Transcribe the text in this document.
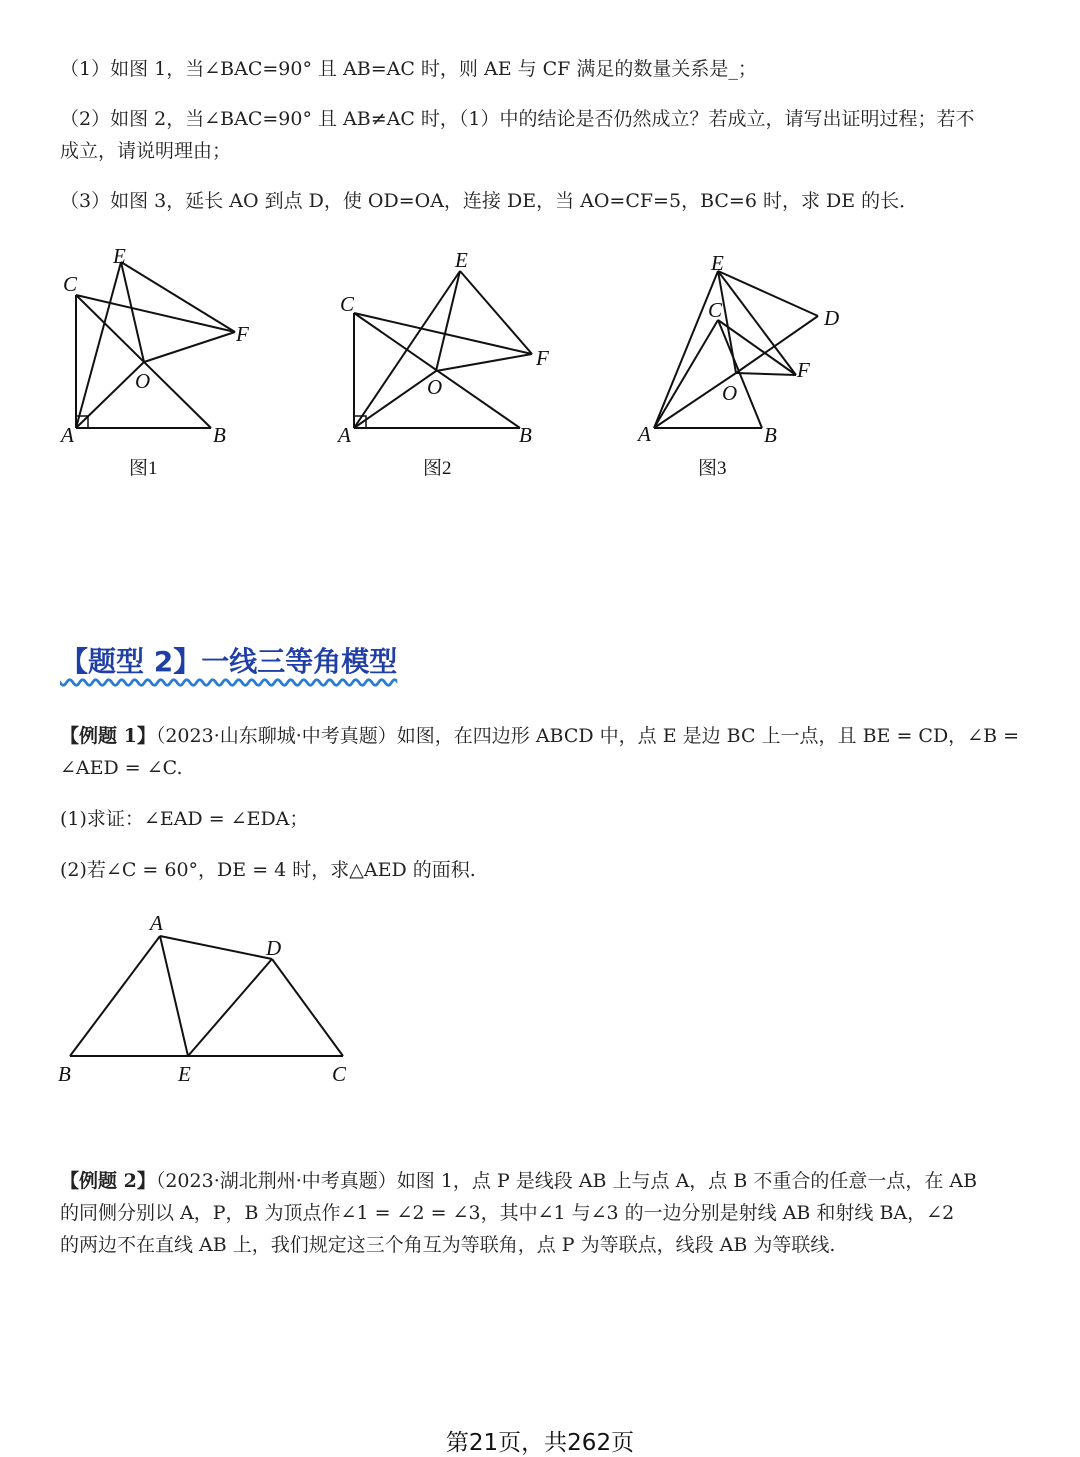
（1）如图 1，当∠BAC=90° 且 AB=AC 时，则 AE 与 CF 满足的数量关系是_；
（2）如图 2，当∠BAC=90° 且 AB≠AC 时，（1）中的结论是否仍然成立？若成立，请写出证明过程；若不
成立，请说明理由；
（3）如图 3，延长 AO 到点 D，使 OD=OA，连接 DE，当 AO=CF=5，BC=6 时，求 DE 的长．
A	B
C
E
F
O
图1
A	B
C
E
F
O
图2
A	B
C	D
E
F
O
图3
【题型 2】一线三等角模型
【例题 1】（2023·山东聊城·中考真题）如图，在四边形 ABCD 中，点 E 是边 BC 上一点，且 BE = CD，∠B =
∠AED = ∠C.
(1)求证：∠EAD = ∠EDA；
(2)若∠C = 60°，DE = 4 时，求△AED 的面积.
A
B	C
D
E
【例题 2】（2023·湖北荆州·中考真题）如图 1，点 P 是线段 AB 上与点 A，点 B 不重合的任意一点，在 AB
的同侧分别以 A，P，B 为顶点作∠1 = ∠2 = ∠3，其中∠1 与∠3 的一边分别是射线 AB 和射线 BA，∠2
的两边不在直线 AB 上，我们规定这三个角互为等联角，点 P 为等联点，线段 AB 为等联线.
第21页，共262页
